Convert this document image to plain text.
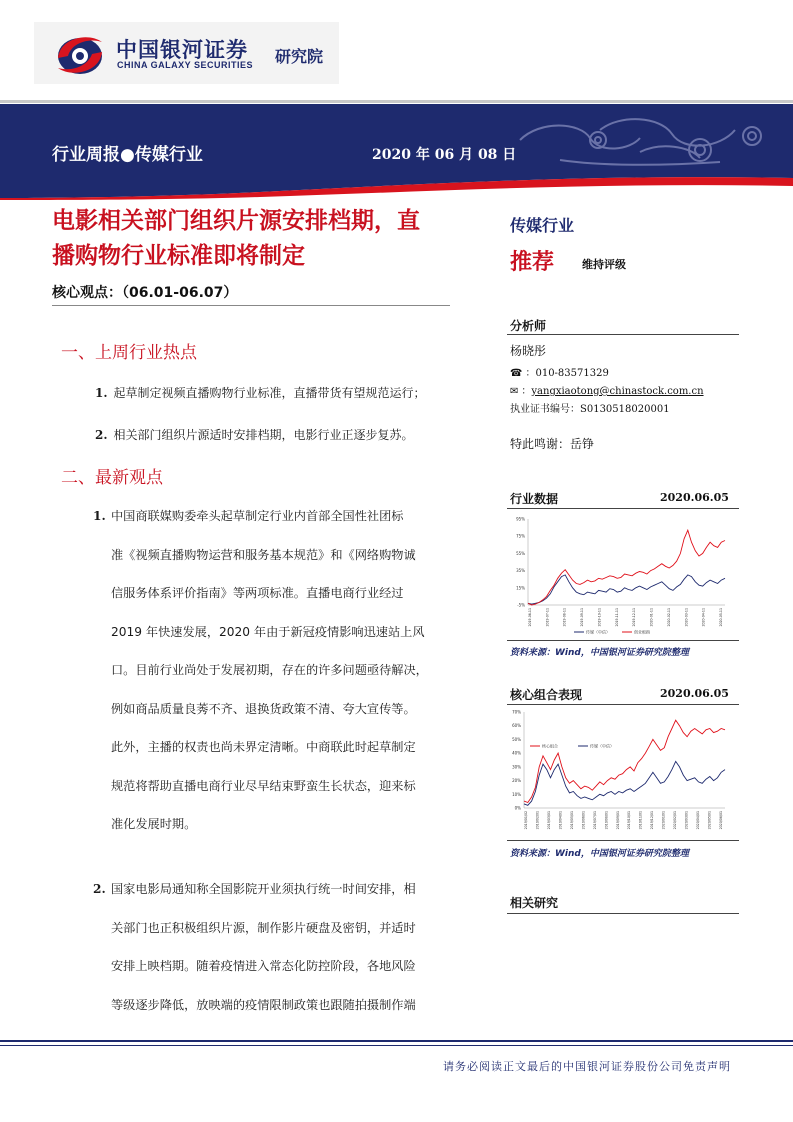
中国银河证券
CHINA GALAXY SECURITIES 研究院
行业周报●传媒行业	2020 年 06 月 08 日
电影相关部门组织片源安排档期，直
播购物行业标准即将制定
核心观点：（06.01-06.07）
一、上周行业热点
1. 起草制定视频直播购物行业标准，直播带货有望规范运行；
2. 相关部门组织片源适时安排档期，电影行业正逐步复苏。
二、最新观点
1. 中国商联媒购委牵头起草制定行业内首部全国性社团标
准《视频直播购物运营和服务基本规范》和《网络购物诚
信服务体系评价指南》等两项标准。直播电商行业经过
2019 年快速发展，2020 年由于新冠疫情影响迅速站上风
口。目前行业尚处于发展初期，存在的许多问题亟待解决，
例如商品质量良莠不齐、退换货政策不清、夸大宣传等。
此外，主播的权责也尚未界定清晰。中商联此时起草制定
规范将帮助直播电商行业尽早结束野蛮生长状态，迎来标
准化发展时期。
2. 国家电影局通知称全国影院开业须执行统一时间安排，相
关部门也正积极组织片源，制作影片硬盘及密钥，并适时
安排上映档期。随着疫情进入常态化防控阶段，各地风险
等级逐步降低，放映端的疫情限制政策也跟随拍摄制作端
传媒行业
推荐	维持评级
分析师
杨晓彤
☎ ：010-83571329
✉ ：yangxiaotong@chinastock.com.cn
执业证书编号：S0130518020001
特此鸣谢：岳铮
行业数据	2020.06.05
95%
75%
55%
35%
15%
-5%
2019-06-11	2019-07-11	2019-08-11	2019-09-11	2019-10-11	2019-11-11	2019-12-11	2020-01-11	2020-02-11	2020-03-11	2020-04-11	2020-05-11
传媒（中信）	创业板指
资料来源：Wind，中国银河证券研究院整理
核心组合表现	2020.06.05
70%
60%
50%
40%
30%
20%
10%
0%
2019/01/02 2019/02/01 2019/03/01 2019/04/01 2019/05/01 2019/06/01 2019/07/01 2019/08/01 2019/09/01 2019/10/01 2019/11/01 2019/12/01 2020/01/01 2020/02/01 2020/03/01 2020/04/01 2020/05/01 2020/06/01
核心组合	传媒（中信）
资料来源：Wind，中国银河证券研究院整理
相关研究
请务必阅读正文最后的中国银河证券股份公司免责声明
